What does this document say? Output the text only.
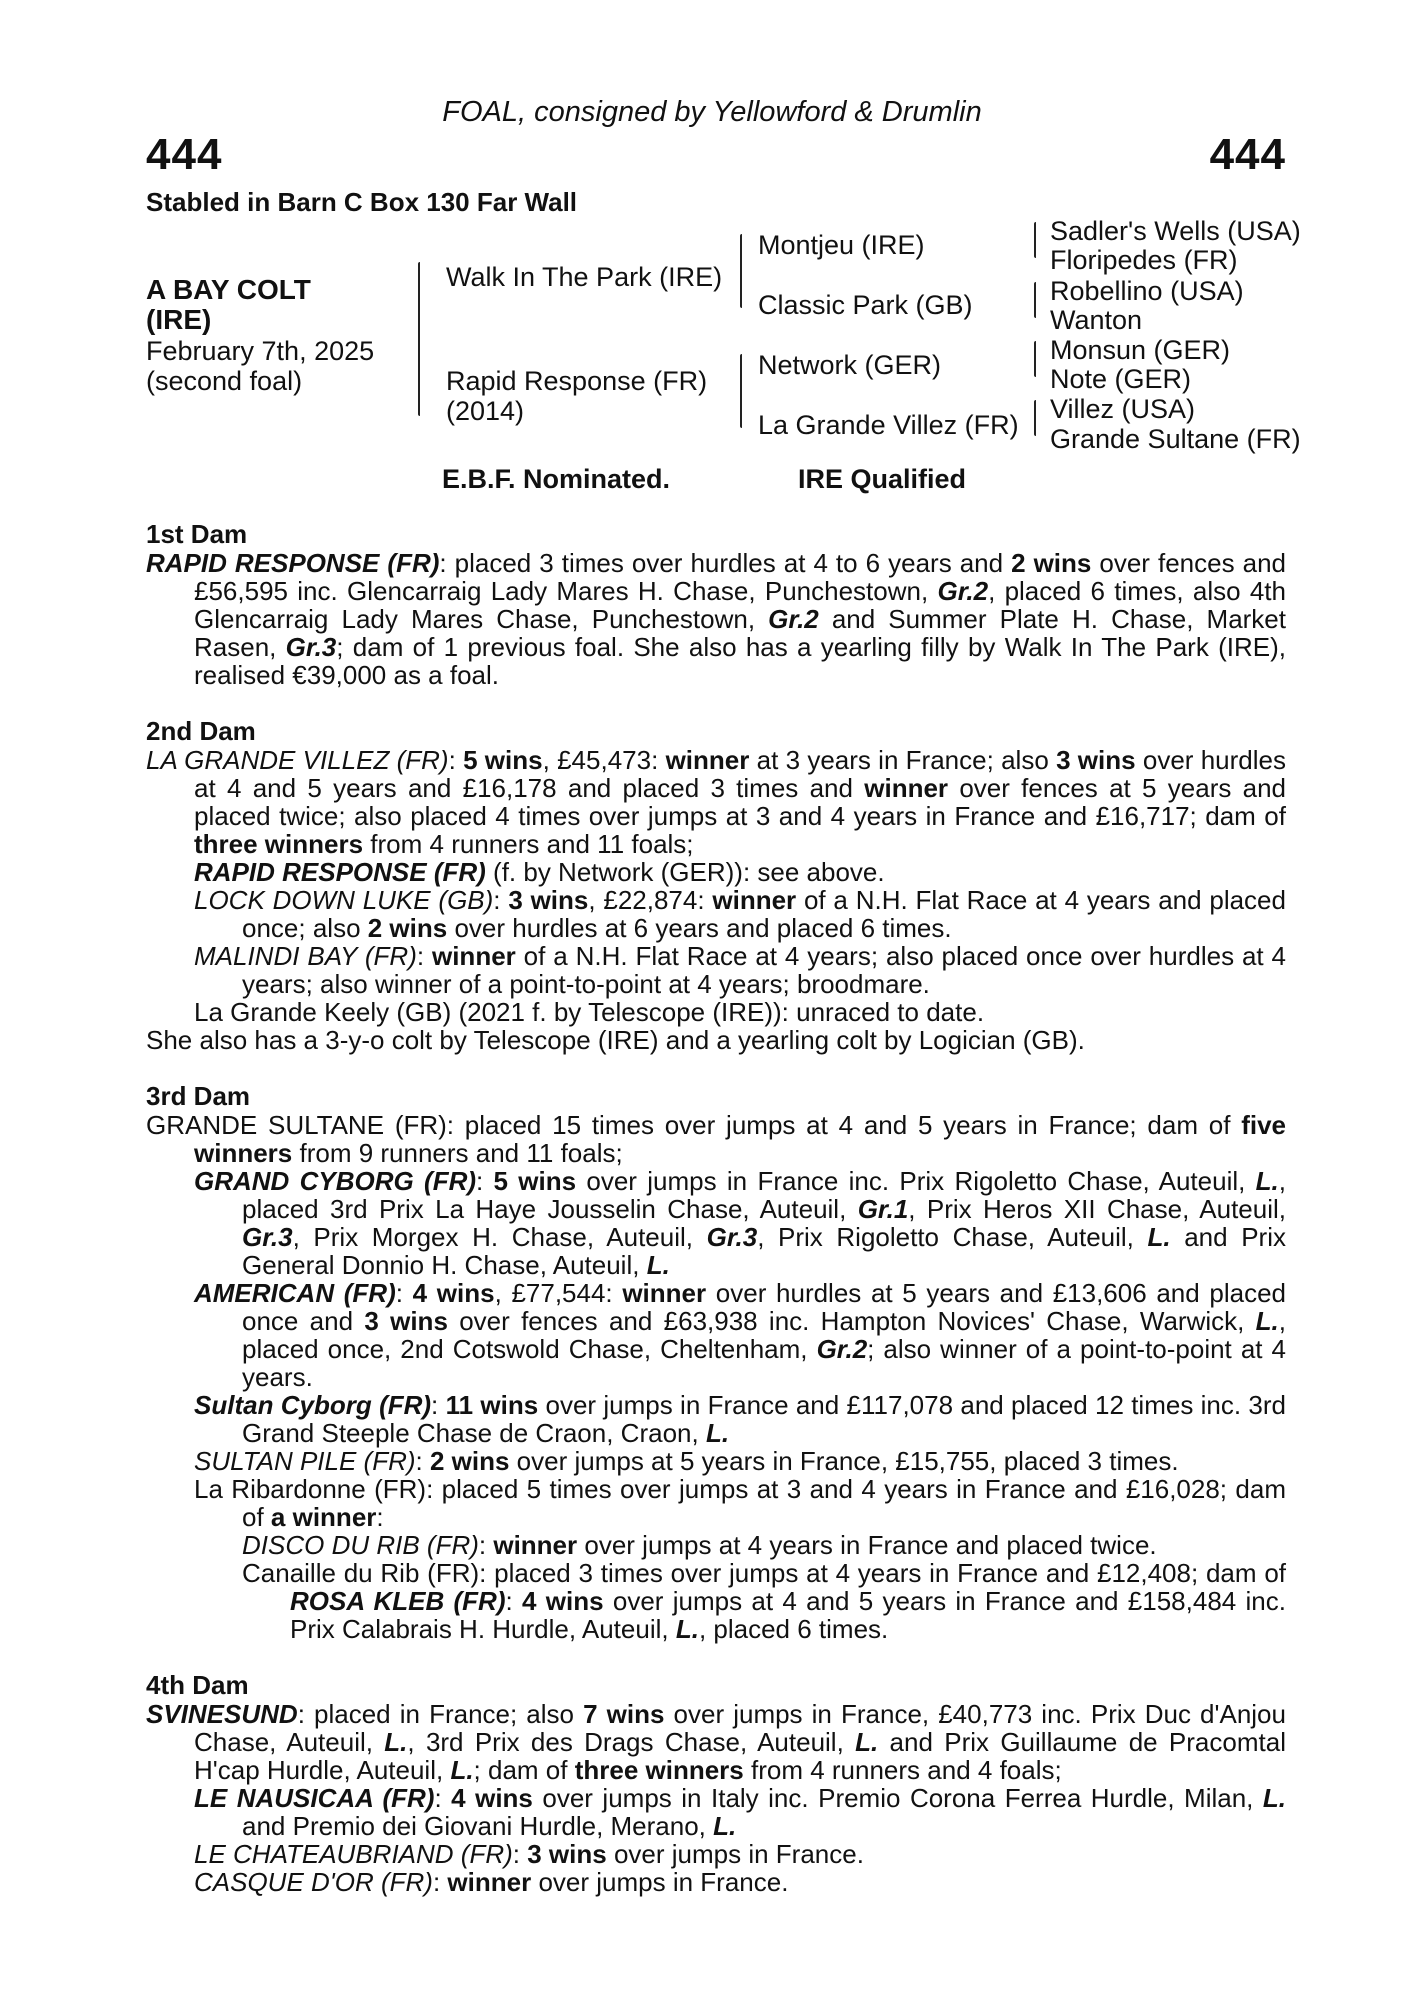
FOAL, consigned by Yellowford & Drumlin
444	444
Stabled in Barn C Box 130 Far Wall
A BAY COLT
(IRE)
February 7th, 2025
(second foal)
Walk In The Park (IRE)
Rapid Response (FR)
(2014)
Montjeu (IRE)
Classic Park (GB)
Network (GER)
La Grande Villez (FR)
Sadler's Wells (USA)
Floripedes (FR)
Robellino (USA)
Wanton
Monsun (GER)
Note (GER)
Villez (USA)
Grande Sultane (FR)
E.B.F. Nominated.	IRE Qualified
1st Dam
RAPID RESPONSE (FR): placed 3 times over hurdles at 4 to 6 years and 2 wins over fences and £56,595 inc. Glencarraig Lady Mares H. Chase, Punchestown, Gr.2, placed 6 times, also 4th Glencarraig Lady Mares Chase, Punchestown, Gr.2 and Summer Plate H. Chase, Market Rasen, Gr.3; dam of 1 previous foal. She also has a yearling filly by Walk In The Park (IRE), realised €39,000 as a foal.
2nd Dam
LA GRANDE VILLEZ (FR): 5 wins, £45,473: winner at 3 years in France; also 3 wins over hurdles at 4 and 5 years and £16,178 and placed 3 times and winner over fences at 5 years and placed twice; also placed 4 times over jumps at 3 and 4 years in France and £16,717; dam of three winners from 4 runners and 11 foals;
RAPID RESPONSE (FR) (f. by Network (GER)): see above.
LOCK DOWN LUKE (GB): 3 wins, £22,874: winner of a N.H. Flat Race at 4 years and placed once; also 2 wins over hurdles at 6 years and placed 6 times.
MALINDI BAY (FR): winner of a N.H. Flat Race at 4 years; also placed once over hurdles at 4 years; also winner of a point-to-point at 4 years; broodmare.
La Grande Keely (GB) (2021 f. by Telescope (IRE)): unraced to date.
She also has a 3-y-o colt by Telescope (IRE) and a yearling colt by Logician (GB).
3rd Dam
GRANDE SULTANE (FR): placed 15 times over jumps at 4 and 5 years in France; dam of five winners from 9 runners and 11 foals;
GRAND CYBORG (FR): 5 wins over jumps in France inc. Prix Rigoletto Chase, Auteuil, L., placed 3rd Prix La Haye Jousselin Chase, Auteuil, Gr.1, Prix Heros XII Chase, Auteuil, Gr.3, Prix Morgex H. Chase, Auteuil, Gr.3, Prix Rigoletto Chase, Auteuil, L. and Prix General Donnio H. Chase, Auteuil, L.
AMERICAN (FR): 4 wins, £77,544: winner over hurdles at 5 years and £13,606 and placed once and 3 wins over fences and £63,938 inc. Hampton Novices' Chase, Warwick, L., placed once, 2nd Cotswold Chase, Cheltenham, Gr.2; also winner of a point-to-point at 4 years.
Sultan Cyborg (FR): 11 wins over jumps in France and £117,078 and placed 12 times inc. 3rd Grand Steeple Chase de Craon, Craon, L.
SULTAN PILE (FR): 2 wins over jumps at 5 years in France, £15,755, placed 3 times.
La Ribardonne (FR): placed 5 times over jumps at 3 and 4 years in France and £16,028; dam of a winner:
DISCO DU RIB (FR): winner over jumps at 4 years in France and placed twice.
Canaille du Rib (FR): placed 3 times over jumps at 4 years in France and £12,408; dam of ROSA KLEB (FR): 4 wins over jumps at 4 and 5 years in France and £158,484 inc. Prix Calabrais H. Hurdle, Auteuil, L., placed 6 times.
4th Dam
SVINESUND: placed in France; also 7 wins over jumps in France, £40,773 inc. Prix Duc d'Anjou Chase, Auteuil, L., 3rd Prix des Drags Chase, Auteuil, L. and Prix Guillaume de Pracomtal H'cap Hurdle, Auteuil, L.; dam of three winners from 4 runners and 4 foals;
LE NAUSICAA (FR): 4 wins over jumps in Italy inc. Premio Corona Ferrea Hurdle, Milan, L. and Premio dei Giovani Hurdle, Merano, L.
LE CHATEAUBRIAND (FR): 3 wins over jumps in France.
CASQUE D'OR (FR): winner over jumps in France.
